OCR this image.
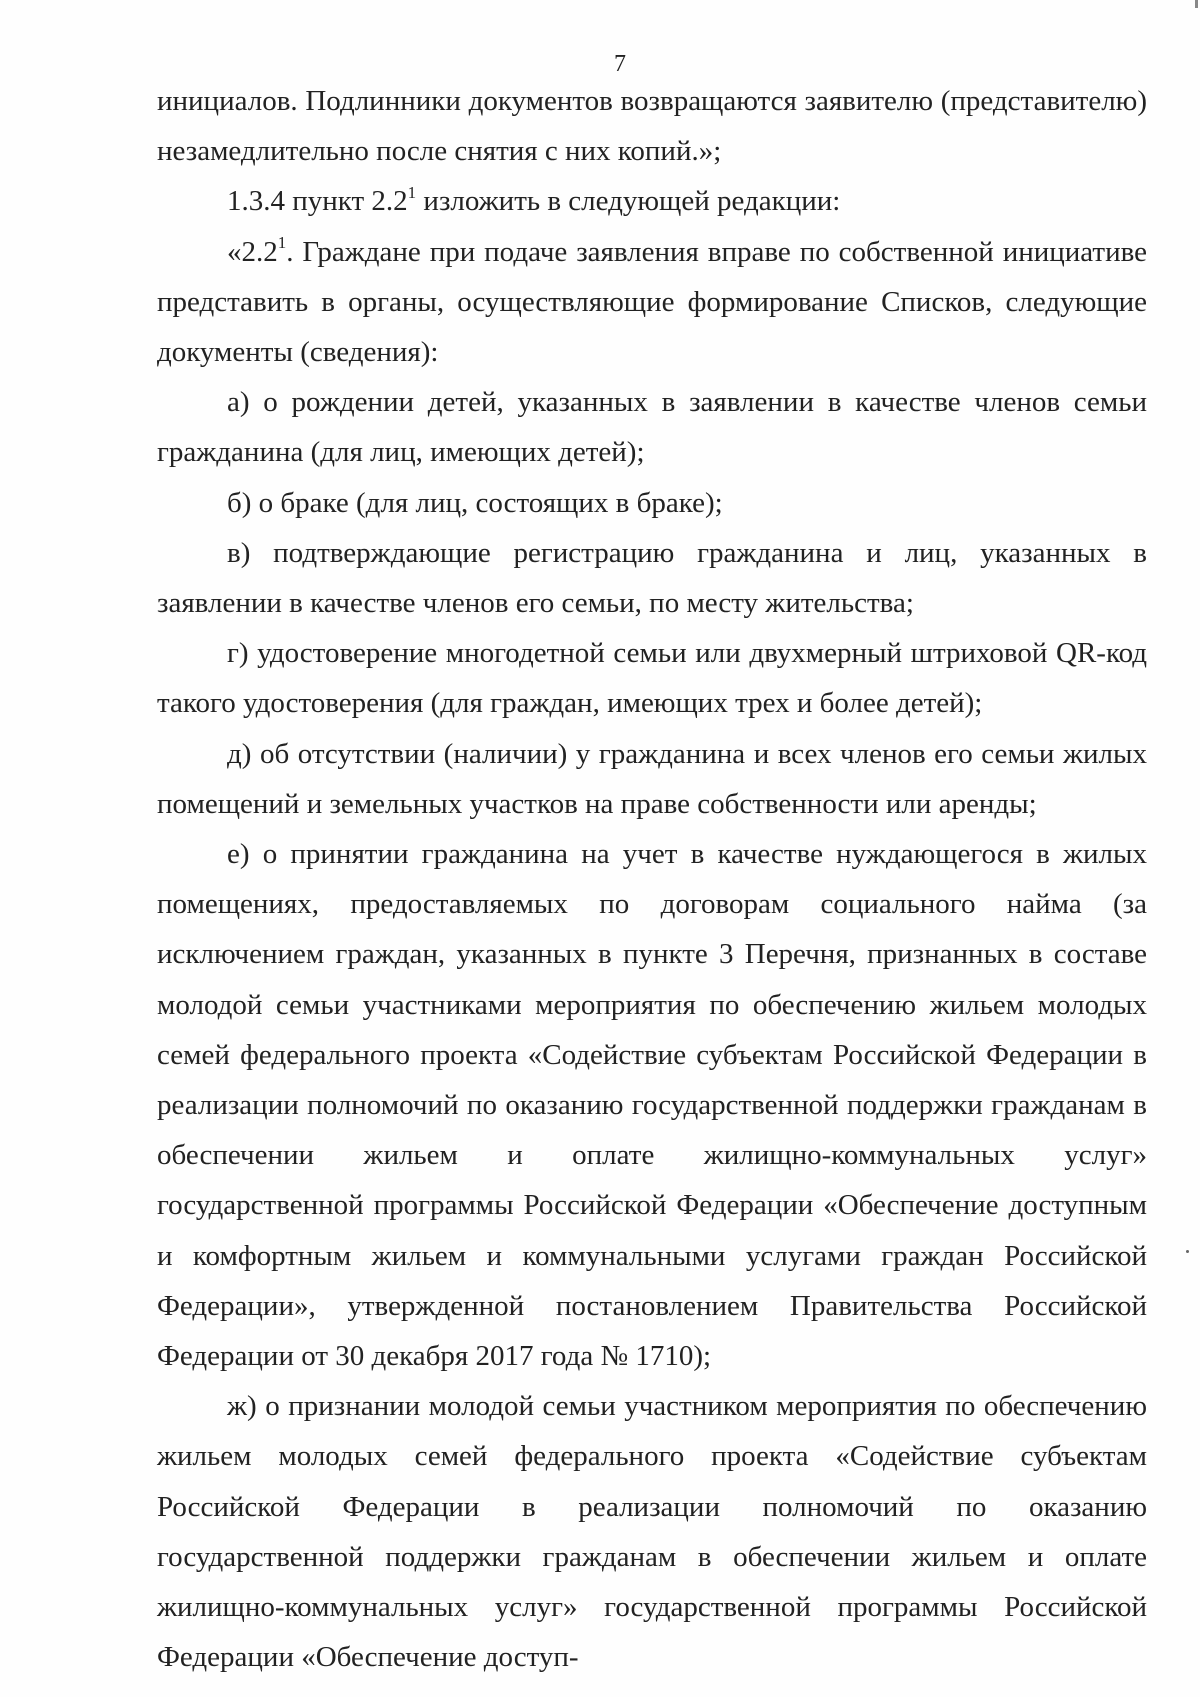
7

инициалов. Подлинники документов возвращаются заявителю (представителю) незамедлительно после снятия с них копий.»;

1.3.4 пункт $2.2^1$ изложить в следующей редакции:

«$2.2^1$. Граждане при подаче заявления вправе по собственной инициативе представить в органы, осуществляющие формирование Списков, следующие документы (сведения):

а) о рождении детей, указанных в заявлении в качестве членов семьи гражданина (для лиц, имеющих детей);

б) о браке (для лиц, состоящих в браке);

в) подтверждающие регистрацию гражданина и лиц, указанных в заявлении в качестве членов его семьи, по месту жительства;

г) удостоверение многодетной семьи или двухмерный штриховой QR-код такого удостоверения (для граждан, имеющих трех и более детей);

д) об отсутствии (наличии) у гражданина и всех членов его семьи жилых помещений и земельных участков на праве собственности или аренды;

е) о принятии гражданина на учет в качестве нуждающегося в жилых помещениях, предоставляемых по договорам социального найма (за исключением граждан, указанных в пункте 3 Перечня, признанных в составе молодой семьи участниками мероприятия по обеспечению жильем молодых семей федерального проекта «Содействие субъектам Российской Федерации в реализации полномочий по оказанию государственной поддержки гражданам в обеспечении жильем и оплате жилищно-коммунальных услуг» государственной программы Российской Федерации «Обеспечение доступным и комфортным жильем и коммунальными услугами граждан Российской Федерации», утвержденной постановлением Правительства Российской Федерации от 30 декабря 2017 года № 1710);

ж) о признании молодой семьи участником мероприятия по обеспечению жильем молодых семей федерального проекта «Содействие субъектам Российской Федерации в реализации полномочий по оказанию государственной поддержки гражданам в обеспечении жильем и оплате жилищно-коммунальных услуг» государственной программы Российской Федерации «Обеспечение доступ-
